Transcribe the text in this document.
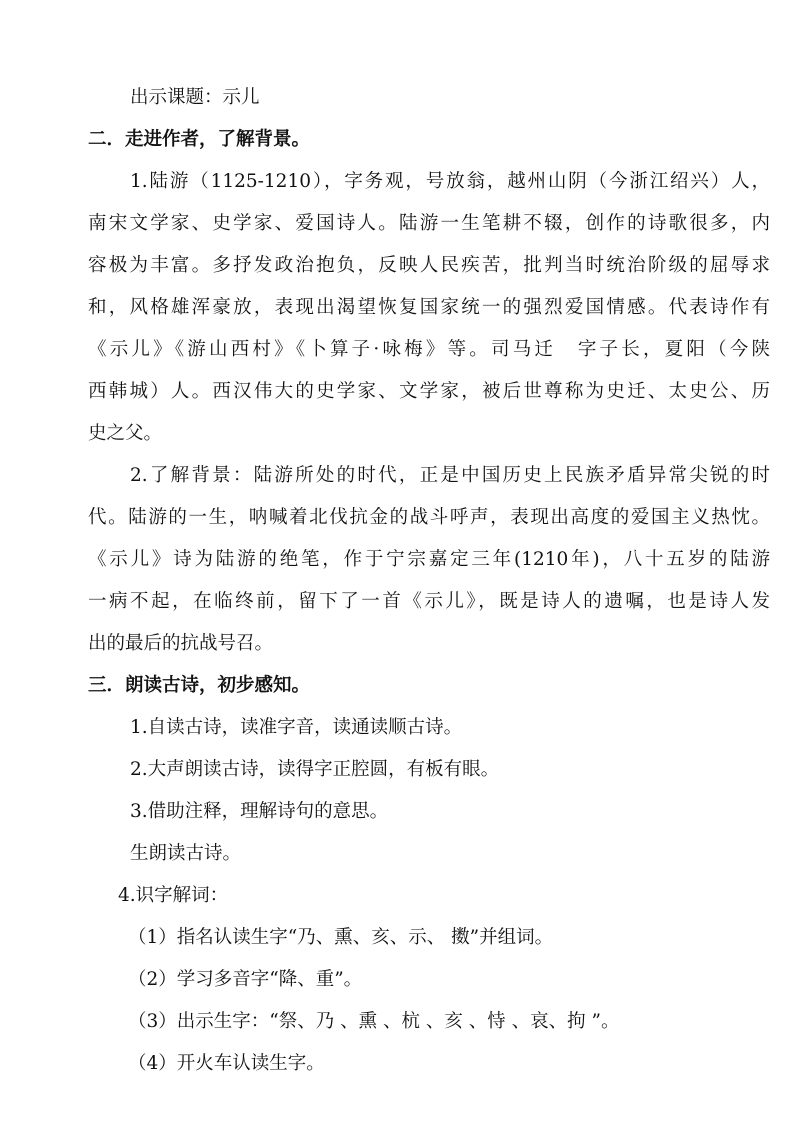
出示课题：示儿
二．走进作者，了解背景。
1.陆游（1125-1210），字务观，号放翁，越州山阴（今浙江绍兴）人，
南宋文学家、史学家、爱国诗人。陆游一生笔耕不辍，创作的诗歌很多，内
容极为丰富。多抒发政治抱负，反映人民疾苦，批判当时统治阶级的屈辱求
和，风格雄浑豪放，表现出渴望恢复国家统一的强烈爱国情感。代表诗作有
《示儿》《游山西村》《卜算子·咏梅》等。司马迁　字子长，夏阳（今陕
西韩城）人。西汉伟大的史学家、文学家，被后世尊称为史迁、太史公、历
史之父。
2.了解背景：陆游所处的时代，正是中国历史上民族矛盾异常尖锐的时
代。陆游的一生，呐喊着北伐抗金的战斗呼声，表现出高度的爱国主义热忱。
《示儿》诗为陆游的绝笔，作于宁宗嘉定三年(1210年)，八十五岁的陆游
一病不起，在临终前，留下了一首《示儿》，既是诗人的遗嘱，也是诗人发
出的最后的抗战号召。
三．朗读古诗，初步感知。
1.自读古诗，读准字音，读通读顺古诗。
2.大声朗读古诗，读得字正腔圆，有板有眼。
3.借助注释，理解诗句的意思。
生朗读古诗。
4.识字解词：
（1）指名认读生字“乃、熏、亥、示、 擞”并组词。
（2）学习多音字“降、重”。
（3）出示生字：“祭、乃 、熏 、杭 、亥 、恃 、哀、拘 ”。
（4）开火车认读生字。
